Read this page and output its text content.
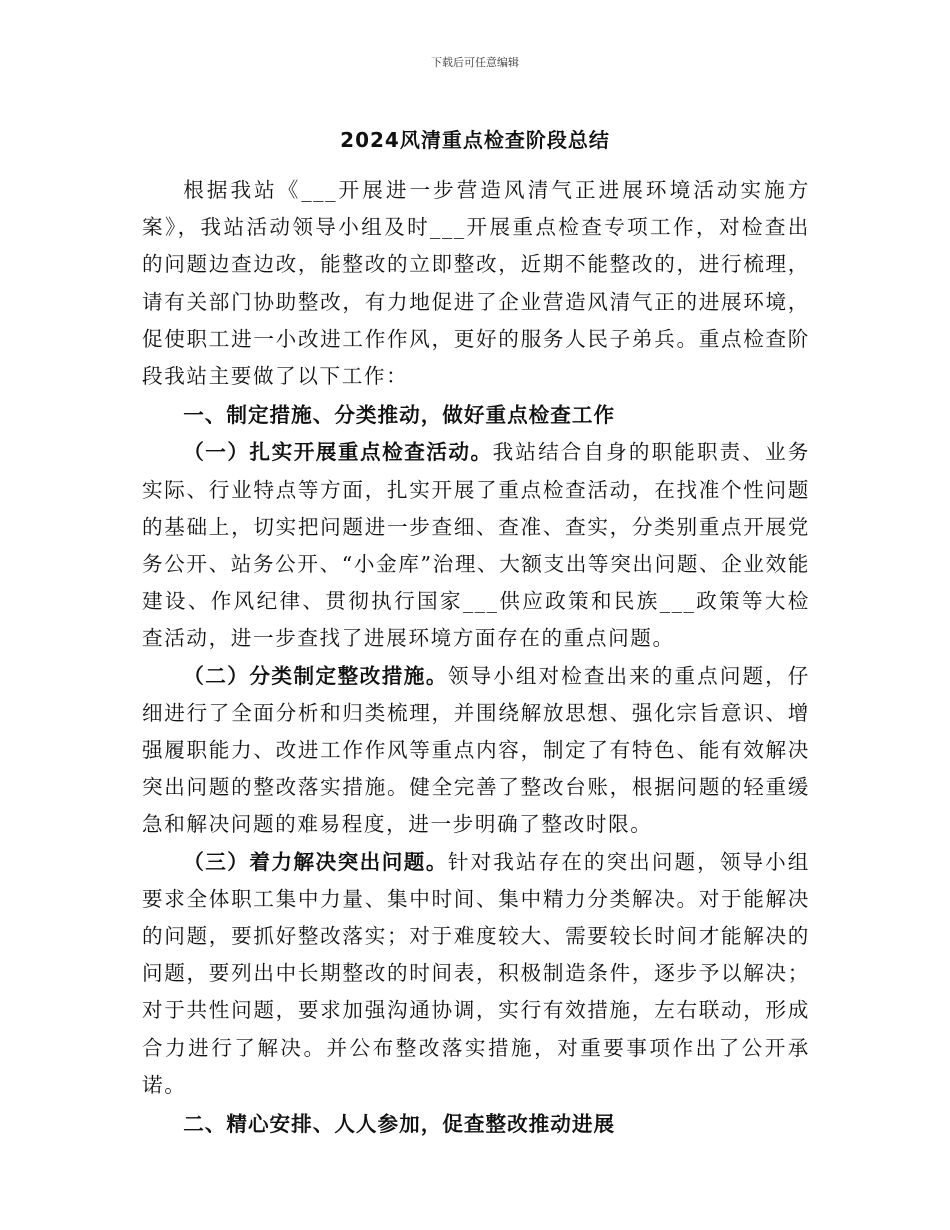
下载后可任意编辑
2024风清重点检查阶段总结

根据我站《___开展进一步营造风清气正进展环境活动实施方案》，我站活动领导小组及时___开展重点检查专项工作，对检查出的问题边查边改，能整改的立即整改，近期不能整改的，进行梳理，请有关部门协助整改，有力地促进了企业营造风清气正的进展环境，促使职工进一小改进工作作风，更好的服务人民子弟兵。重点检查阶段我站主要做了以下工作：

一、制定措施、分类推动，做好重点检查工作

（一）扎实开展重点检查活动。我站结合自身的职能职责、业务实际、行业特点等方面，扎实开展了重点检查活动，在找准个性问题的基础上，切实把问题进一步查细、查准、查实，分类别重点开展党务公开、站务公开、“小金库”治理、大额支出等突出问题、企业效能建设、作风纪律、贯彻执行国家___供应政策和民族___政策等大检查活动，进一步查找了进展环境方面存在的重点问题。

（二）分类制定整改措施。领导小组对检查出来的重点问题，仔细进行了全面分析和归类梳理，并围绕解放思想、强化宗旨意识、增强履职能力、改进工作作风等重点内容，制定了有特色、能有效解决突出问题的整改落实措施。健全完善了整改台账，根据问题的轻重缓急和解决问题的难易程度，进一步明确了整改时限。

（三）着力解决突出问题。针对我站存在的突出问题，领导小组要求全体职工集中力量、集中时间、集中精力分类解决。对于能解决的问题，要抓好整改落实；对于难度较大、需要较长时间才能解决的问题，要列出中长期整改的时间表，积极制造条件，逐步予以解决；对于共性问题，要求加强沟通协调，实行有效措施，左右联动，形成合力进行了解决。并公布整改落实措施，对重要事项作出了公开承诺。

二、精心安排、人人参加，促查整改推动进展
